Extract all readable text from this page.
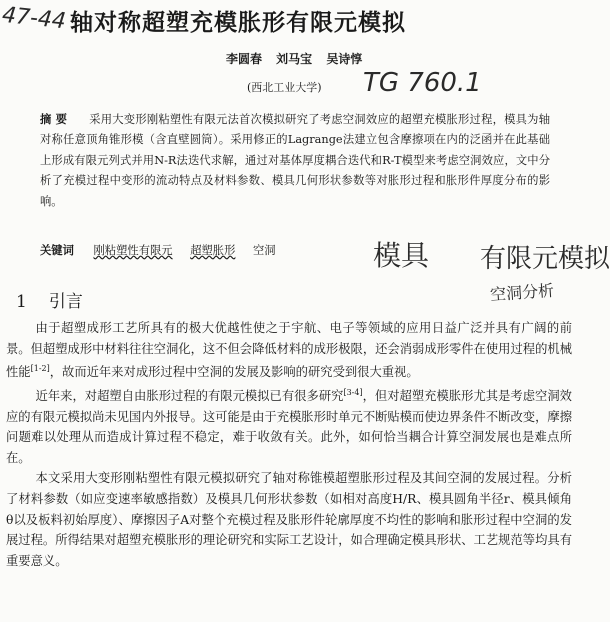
47-44 轴对称超塑充模胀形有限元模拟
李圆春 刘马宝 吴诗惇
(西北工业大学) TG 760.1

摘 要 采用大变形刚粘塑性有限元法首次模拟研究了考虑空洞效应的超塑充模胀形过程，模具为轴对称任意顶角锥形模（含直壁圆筒）。采用修正的Lagrange法建立包含摩擦项在内的泛函并在此基础上形成有限元列式并用N-R法迭代求解，通过对基体厚度耦合迭代和R-T模型来考虑空洞效应，文中分析了充模过程中变形的流动特点及材料参数、模具几何形状参数等对胀形过程和胀形件厚度分布的影响。

关键词 刚粘塑性有限元 超塑胀形 空洞	模具 有限元模拟
空洞分析
1 引言

由于超塑成形工艺所具有的极大优越性使之于宇航、电子等领域的应用日益广泛并具有广阔的前景。但超塑成形中材料往往空洞化，这不但会降低材料的成形极限，还会消弱成形零件在使用过程的机械性能[1-2]，故而近年来对成形过程中空洞的发展及影响的研究受到很大重视。

近年来，对超塑自由胀形过程的有限元模拟已有很多研究[3-4]，但对超塑充模胀形尤其是考虑空洞效应的有限元模拟尚未见国内外报导。这可能是由于充模胀形时单元不断贴模而使边界条件不断改变，摩擦问题难以处理从而造成计算过程不稳定，难于收敛有关。此外，如何恰当耦合计算空洞发展也是难点所在。

本文采用大变形刚粘塑性有限元模拟研究了轴对称锥模超塑胀形过程及其间空洞的发展过程。分析了材料参数（如应变速率敏感指数）及模具几何形状参数（如相对高度H/R、模具圆角半径r、模具倾角θ以及板料初始厚度）、摩擦因子A对整个充模过程及胀形件轮廓厚度不均性的影响和胀形过程中空洞的发展过程。所得结果对超塑充模胀形的理论研究和实际工艺设计，如合理确定模具形状、工艺规范等均具有重要意义。
